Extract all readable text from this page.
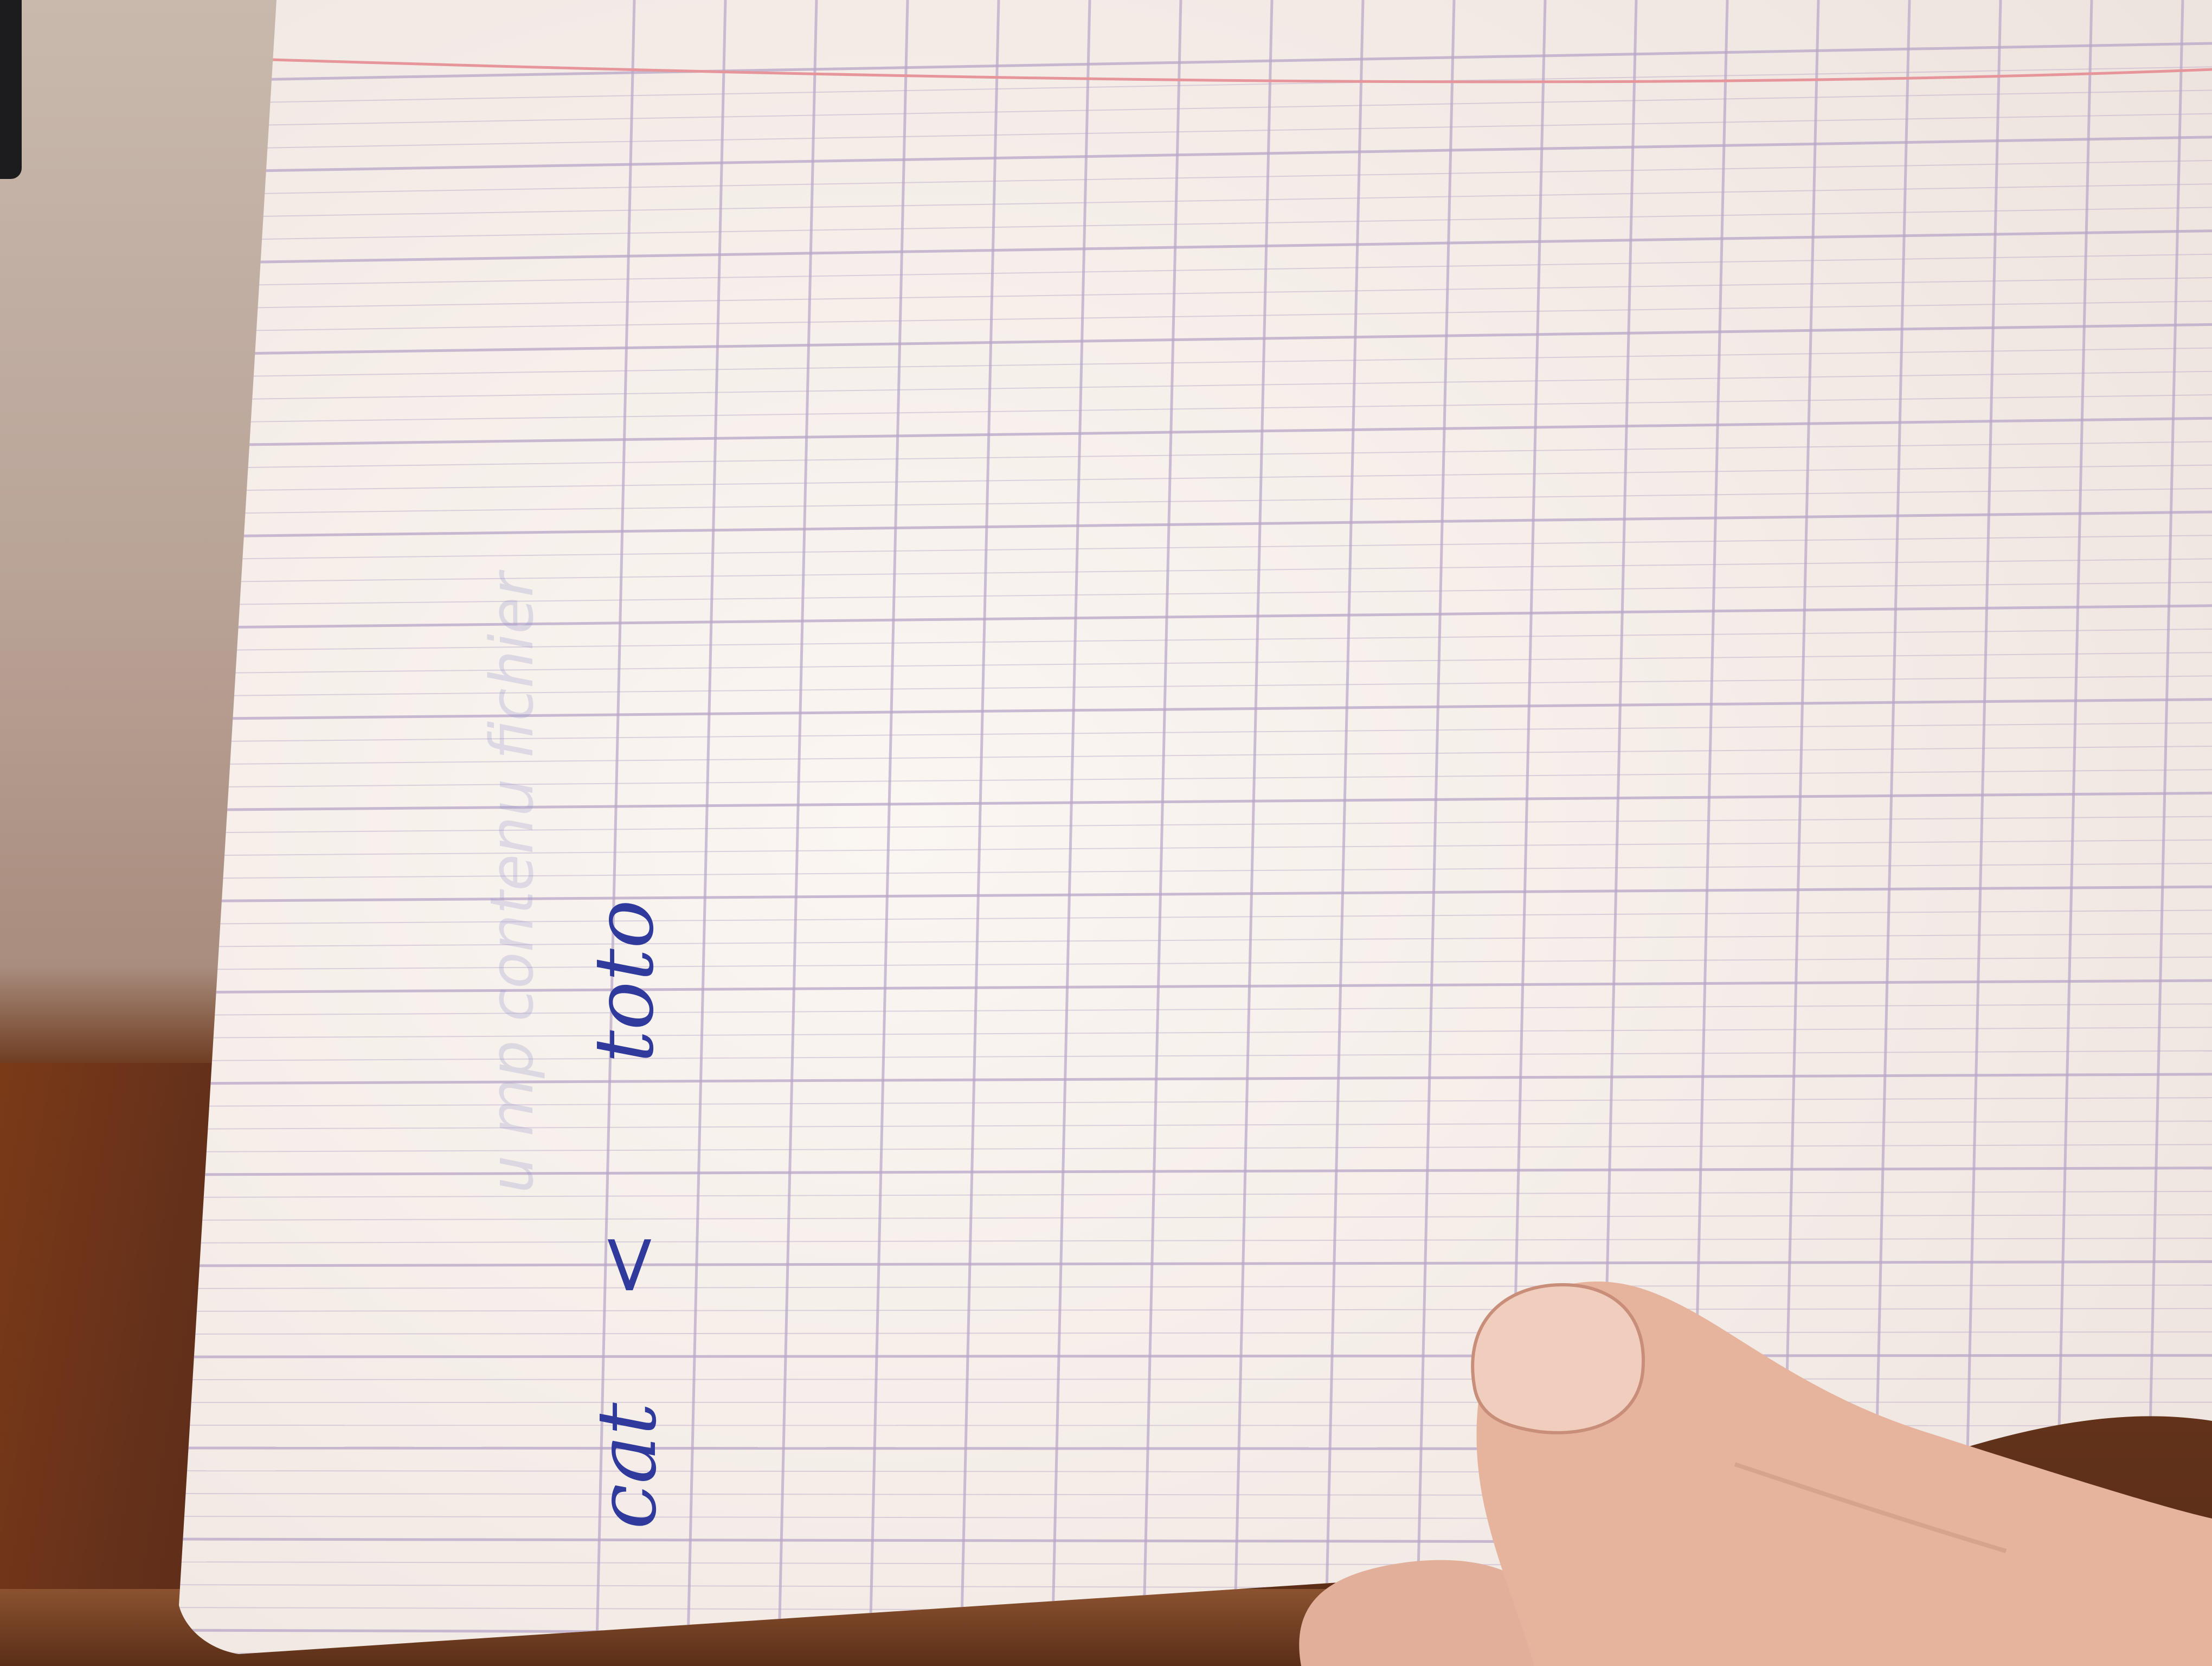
u mp contenu fichier
cat
<
toto
